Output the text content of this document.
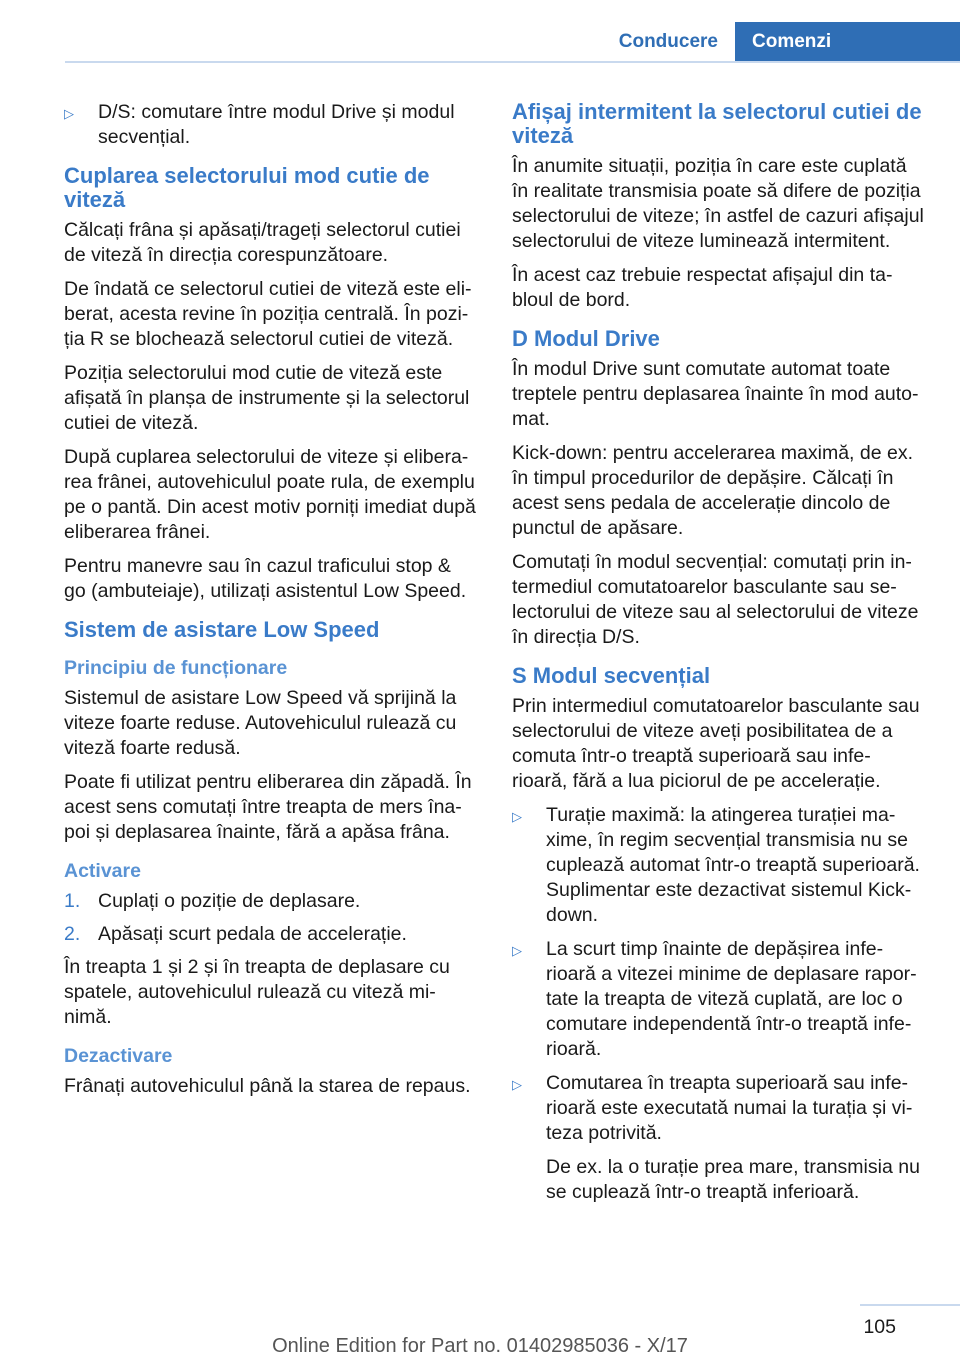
Conducere	Comenzi
▷	D/S: comutare între modul Drive și modul secvențial.
Cuplarea selectorului mod cutie de viteză

Călcați frâna și apăsați/trageți selectorul cutiei de viteză în direcția corespunzătoare.

De îndată ce selectorul cutiei de viteză este eli-berat, acesta revine în poziția centrală. În pozi-ția R se blochează selectorul cutiei de viteză.

Poziția selectorului mod cutie de viteză este afișată în planșa de instrumente și la selectorul cutiei de viteză.

După cuplarea selectorului de viteze și elibera-rea frânei, autovehiculul poate rula, de exemplu pe o pantă. Din acest motiv porniți imediat după eliberarea frânei.

Pentru manevre sau în cazul traficului stop & go (ambuteiaje), utilizați asistentul Low Speed.

Sistem de asistare Low Speed
Principiu de funcționare

Sistemul de asistare Low Speed vă sprijină la viteze foarte reduse. Autovehiculul rulează cu viteză foarte redusă.

Poate fi utilizat pentru eliberarea din zăpadă. În acest sens comutați între treapta de mers îna-poi și deplasarea înainte, fără a apăsa frâna.

Activare
1. Cuplați o poziție de deplasare.
2. Apăsați scurt pedala de accelerație.

În treapta 1 și 2 și în treapta de deplasare cu spatele, autovehiculul rulează cu viteză mi-nimă.

Dezactivare

Frânați autovehiculul până la starea de repaus.

Afișaj intermitent la selectorul cutiei de viteză

În anumite situații, poziția în care este cuplată în realitate transmisia poate să difere de poziția selectorului de viteze; în astfel de cazuri afișajul selectorului de viteze luminează intermitent.

În acest caz trebuie respectat afișajul din ta-bloul de bord.

D Modul Drive

În modul Drive sunt comutate automat toate treptele pentru deplasarea înainte în mod auto-mat.

Kick-down: pentru accelerarea maximă, de ex. în timpul procedurilor de depășire. Călcați în acest sens pedala de accelerație dincolo de punctul de apăsare.

Comutați în modul secvențial: comutați prin in-termediul comutatoarelor basculante sau se-lectorului de viteze sau al selectorului de viteze în direcția D/S.

S Modul secvențial

Prin intermediul comutatoarelor basculante sau selectorului de viteze aveți posibilitatea de a comuta într-o treaptă superioară sau infe-rioară, fără a lua piciorul de pe accelerație.

▷	Turație maximă: la atingerea turației ma-xime, în regim secvențial transmisia nu se cuplează automat într-o treaptă superioară. Suplimentar este dezactivat sistemul Kick-down.
▷	La scurt timp înainte de depășirea infe-rioară a vitezei minime de deplasare rapor-tate la treapta de viteză cuplată, are loc o comutare independentă într-o treaptă infe-rioară.
▷	Comutarea în treapta superioară sau infe-rioară este executată numai la turația și vi-teza potrivită.

De ex. la o turație prea mare, transmisia nu se cuplează într-o treaptă inferioară.

105
Online Edition for Part no. 01402985036 - X/17
